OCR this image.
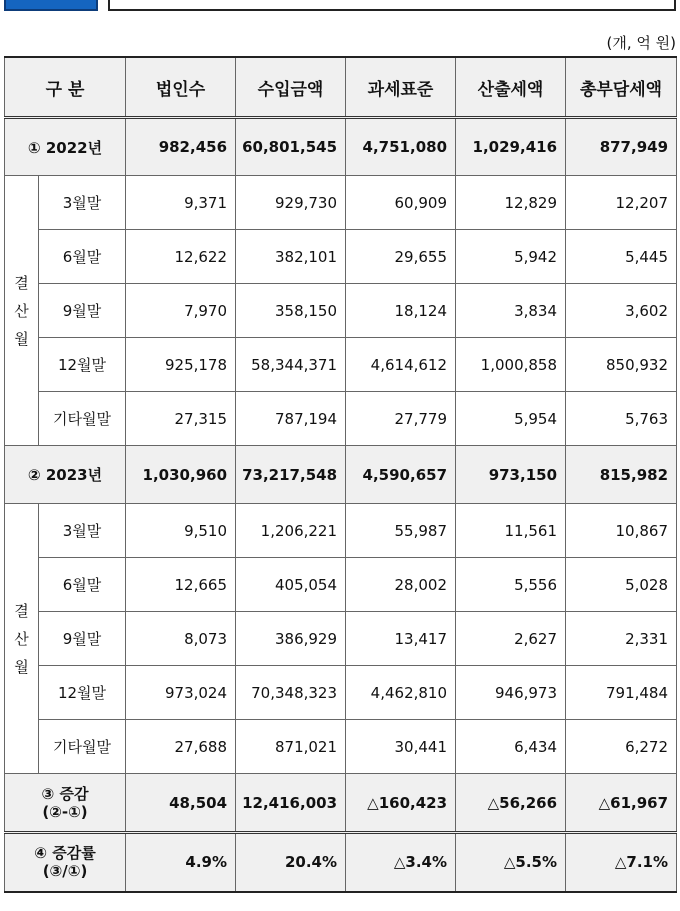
(개, 억 원)
구 분		법인수	수입금액	과세표준	산출세액	총부담세액
① 2022년		982,456	60,801,545	4,751,080	1,029,416	877,949
결
산
월	3월말	9,371	929,730	60,909	12,829	12,207
	6월말	12,622	382,101	29,655	5,942	5,445
	9월말	7,970	358,150	18,124	3,834	3,602
	12월말	925,178	58,344,371	4,614,612	1,000,858	850,932
	기타월말	27,315	787,194	27,779	5,954	5,763
② 2023년		1,030,960	73,217,548	4,590,657	973,150	815,982
결
산
월	3월말	9,510	1,206,221	55,987	11,561	10,867
	6월말	12,665	405,054	28,002	5,556	5,028
	9월말	8,073	386,929	13,417	2,627	2,331
	12월말	973,024	70,348,323	4,462,810	946,973	791,484
	기타월말	27,688	871,021	30,441	6,434	6,272

③ 증감
(②-①)		48,504	12,416,003	△160,423	△56,266	△61,967

④ 증감률
(③/①)		4.9%	20.4%	△3.4%	△5.5%	△7.1%
